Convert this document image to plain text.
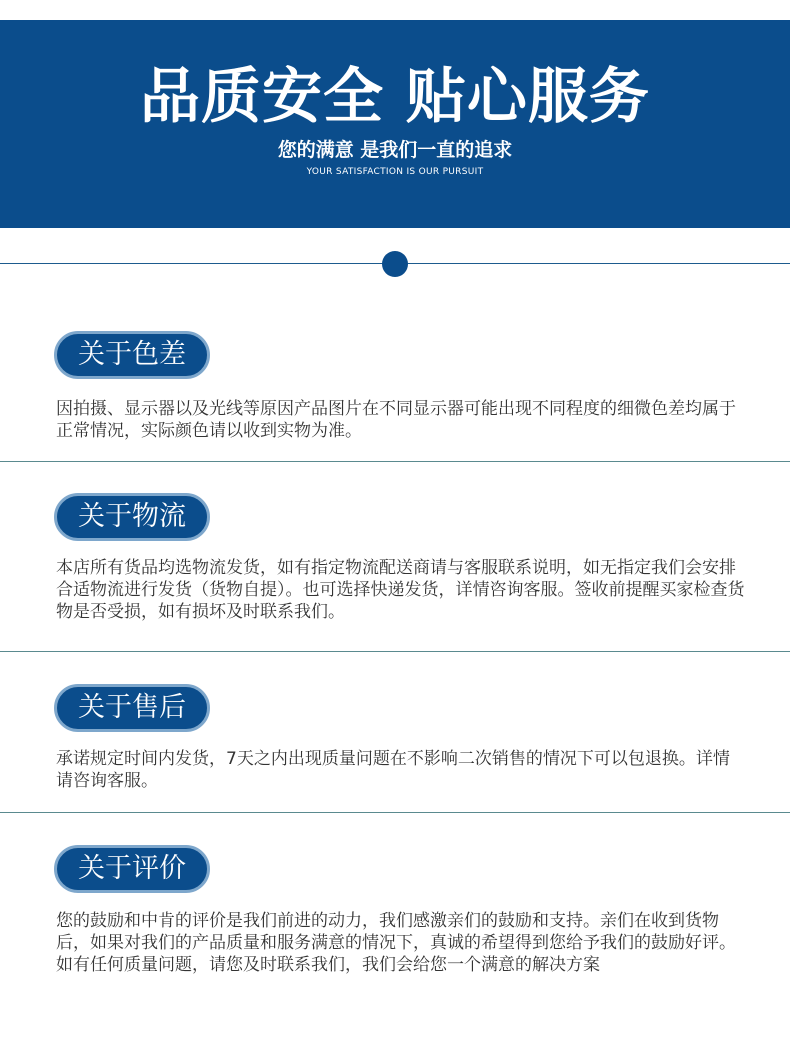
品质安全 贴心服务
您的满意 是我们一直的追求
YOUR SATISFACTION IS OUR PURSUIT
关于色差
因拍摄、显示器以及光线等原因产品图片在不同显示器可能出现不同程度的细微色差均属于正常情况，实际颜色请以收到实物为准。
关于物流
本店所有货品均选物流发货，如有指定物流配送商请与客服联系说明，如无指定我们会安排合适物流进行发货（货物自提）。也可选择快递发货，详情咨询客服。签收前提醒买家检查货物是否受损，如有损坏及时联系我们。
关于售后
承诺规定时间内发货，7天之内出现质量问题在不影响二次销售的情况下可以包退换。详情请咨询客服。
关于评价
您的鼓励和中肯的评价是我们前进的动力，我们感激亲们的鼓励和支持。亲们在收到货物后，如果对我们的产品质量和服务满意的情况下，真诚的希望得到您给予我们的鼓励好评。如有任何质量问题，请您及时联系我们，我们会给您一个满意的解决方案
